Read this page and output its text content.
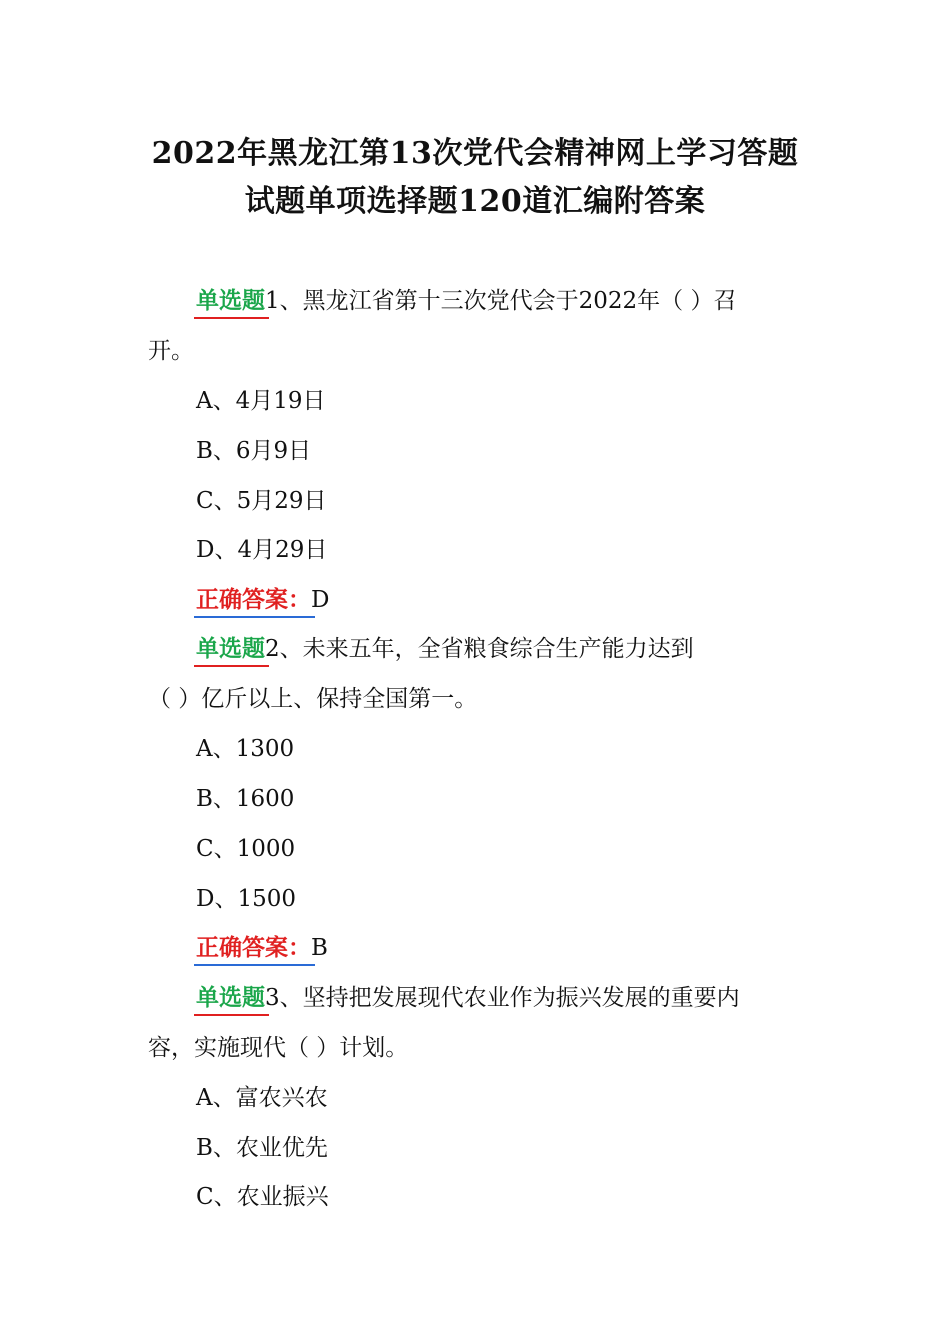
2022年黑龙江第13次党代会精神网上学习答题
试题单项选择题120道汇编附答案
单选题1、黑龙江省第十三次党代会于2022年（ ）召
开。
A、4月19日
B、6月9日
C、5月29日
D、4月29日
正确答案：D
单选题2、未来五年，全省粮食综合生产能力达到
（ ）亿斤以上、保持全国第一。
A、1300
B、1600
C、1000
D、1500
正确答案：B
单选题3、坚持把发展现代农业作为振兴发展的重要内
容，实施现代（ ）计划。
A、富农兴农
B、农业优先
C、农业振兴
